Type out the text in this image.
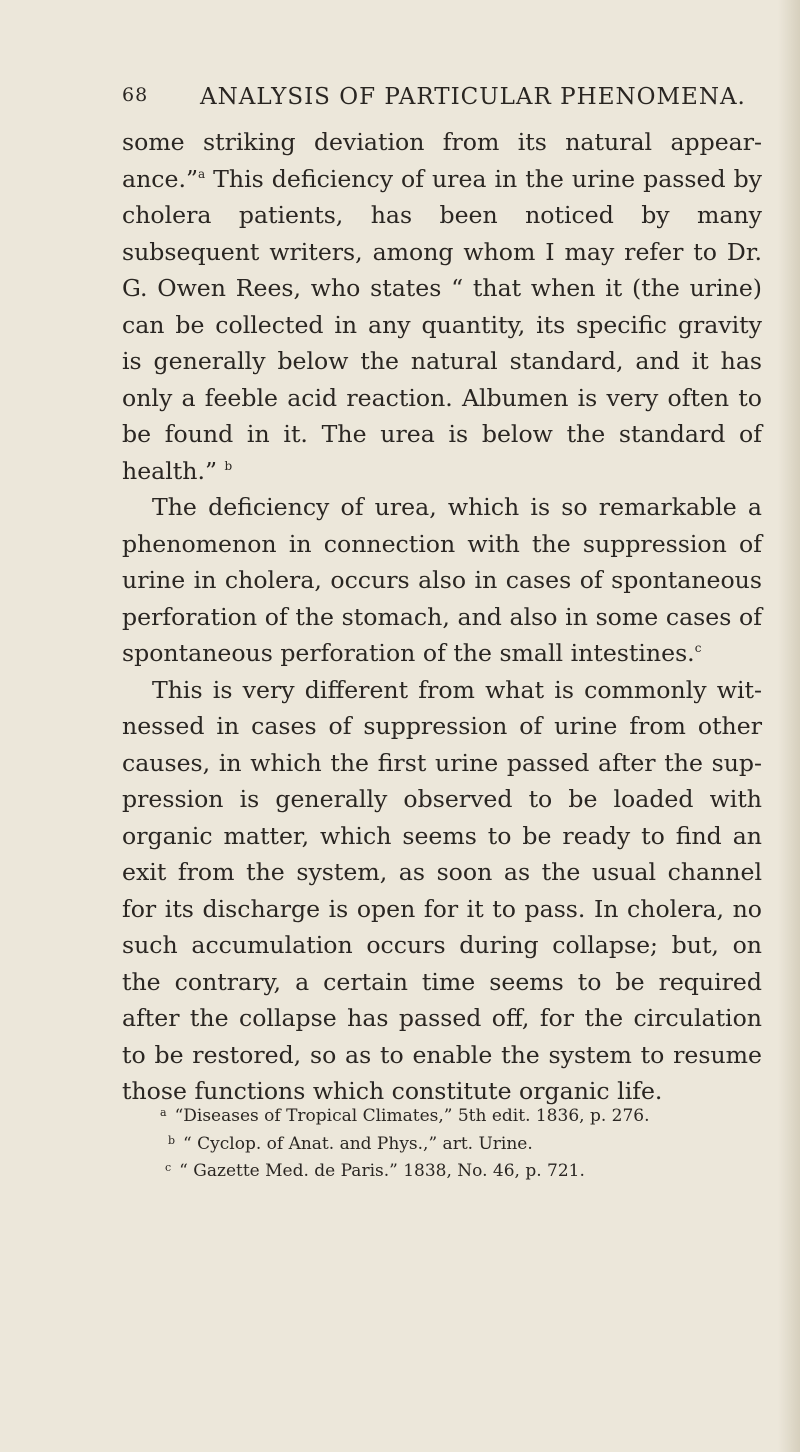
68 ANALYSIS OF PARTICULAR PHENOMENA.

some striking deviation from its natural appear-ance.”$^a$ This deficiency of urea in the urine passed by cholera patients, has been noticed by many subsequent writers, among whom I may refer to Dr. G. Owen Rees, who states “ that when it (the urine) can be collected in any quantity, its specific gravity is generally below the natural standard, and it has only a feeble acid reaction. Albumen is very often to be found in it. The urea is below the standard of health.” $^b$

The deficiency of urea, which is so remarkable a phenomenon in connection with the suppression of urine in cholera, occurs also in cases of spontaneous perforation of the stomach, and also in some cases of spontaneous perforation of the small intestines.$^c$

This is very different from what is commonly wit-nessed in cases of suppression of urine from other causes, in which the first urine passed after the sup-pression is generally observed to be loaded with organic matter, which seems to be ready to find an exit from the system, as soon as the usual channel for its discharge is open for it to pass. In cholera, no such accumulation occurs during collapse; but, on the contrary, a certain time seems to be required after the collapse has passed off, for the circulation to be restored, so as to enable the system to resume those functions which constitute organic life.

$^a$ “Diseases of Tropical Climates,” 5th edit. 1836, p. 276.
$^b$ “ Cyclop. of Anat. and Phys.,” art. Urine.
$^c$ “ Gazette Med. de Paris.” 1838, No. 46, p. 721.
